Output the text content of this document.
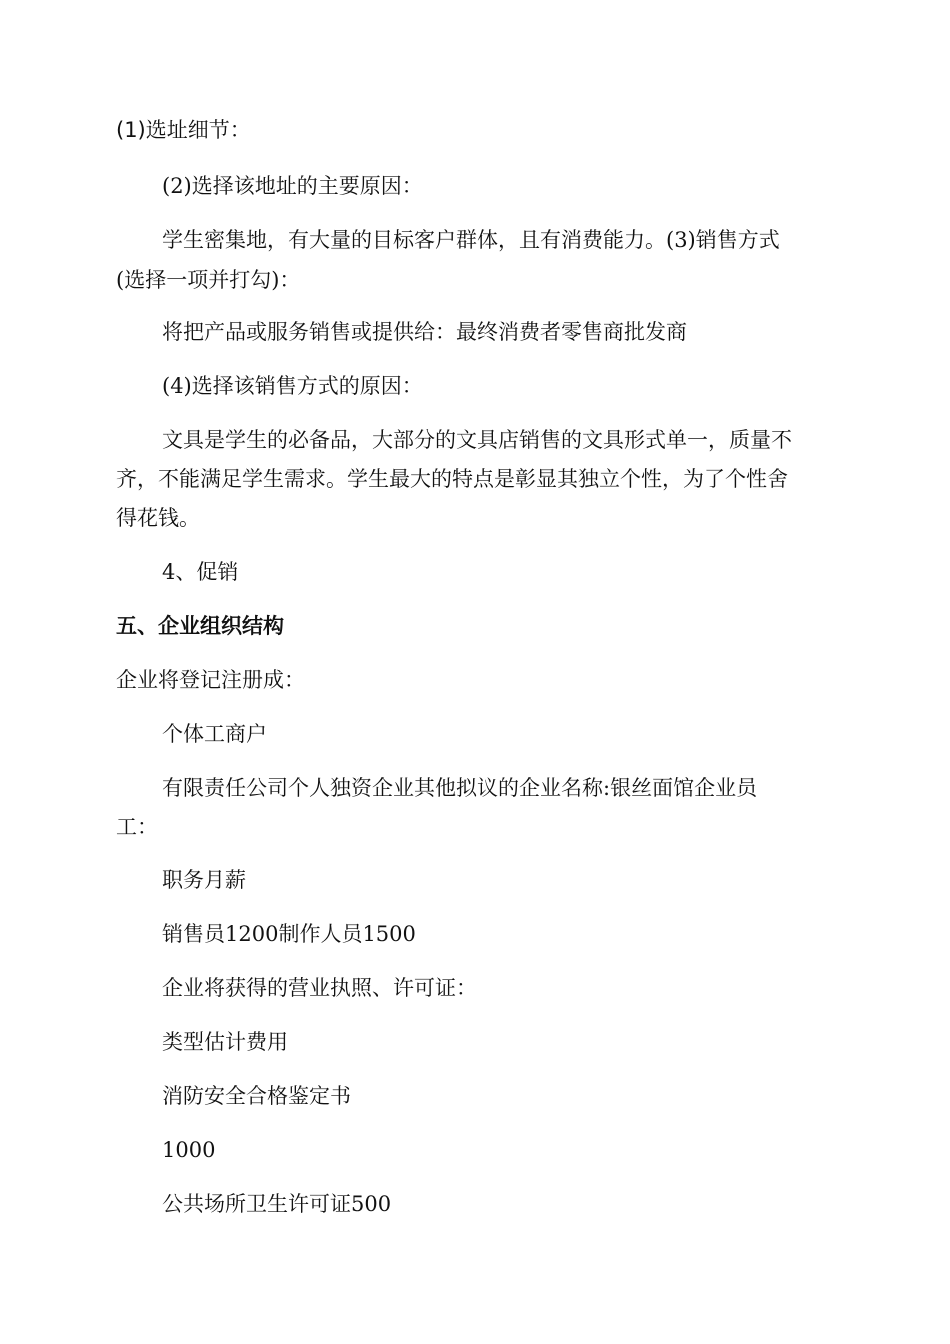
(1)选址细节：
(2)选择该地址的主要原因：
学生密集地，有大量的目标客户群体，且有消费能力。(3)销售方式
(选择一项并打勾)：
将把产品或服务销售或提供给：最终消费者零售商批发商
(4)选择该销售方式的原因：
文具是学生的必备品，大部分的文具店销售的文具形式单一，质量不
齐，不能满足学生需求。学生最大的特点是彰显其独立个性，为了个性舍
得花钱。
4、促销
五、企业组织结构
企业将登记注册成：
个体工商户
有限责任公司个人独资企业其他拟议的企业名称:银丝面馆企业员
工：
职务月薪
销售员1200制作人员1500
企业将获得的营业执照、许可证：
类型估计费用
消防安全合格鉴定书
1000
公共场所卫生许可证500
